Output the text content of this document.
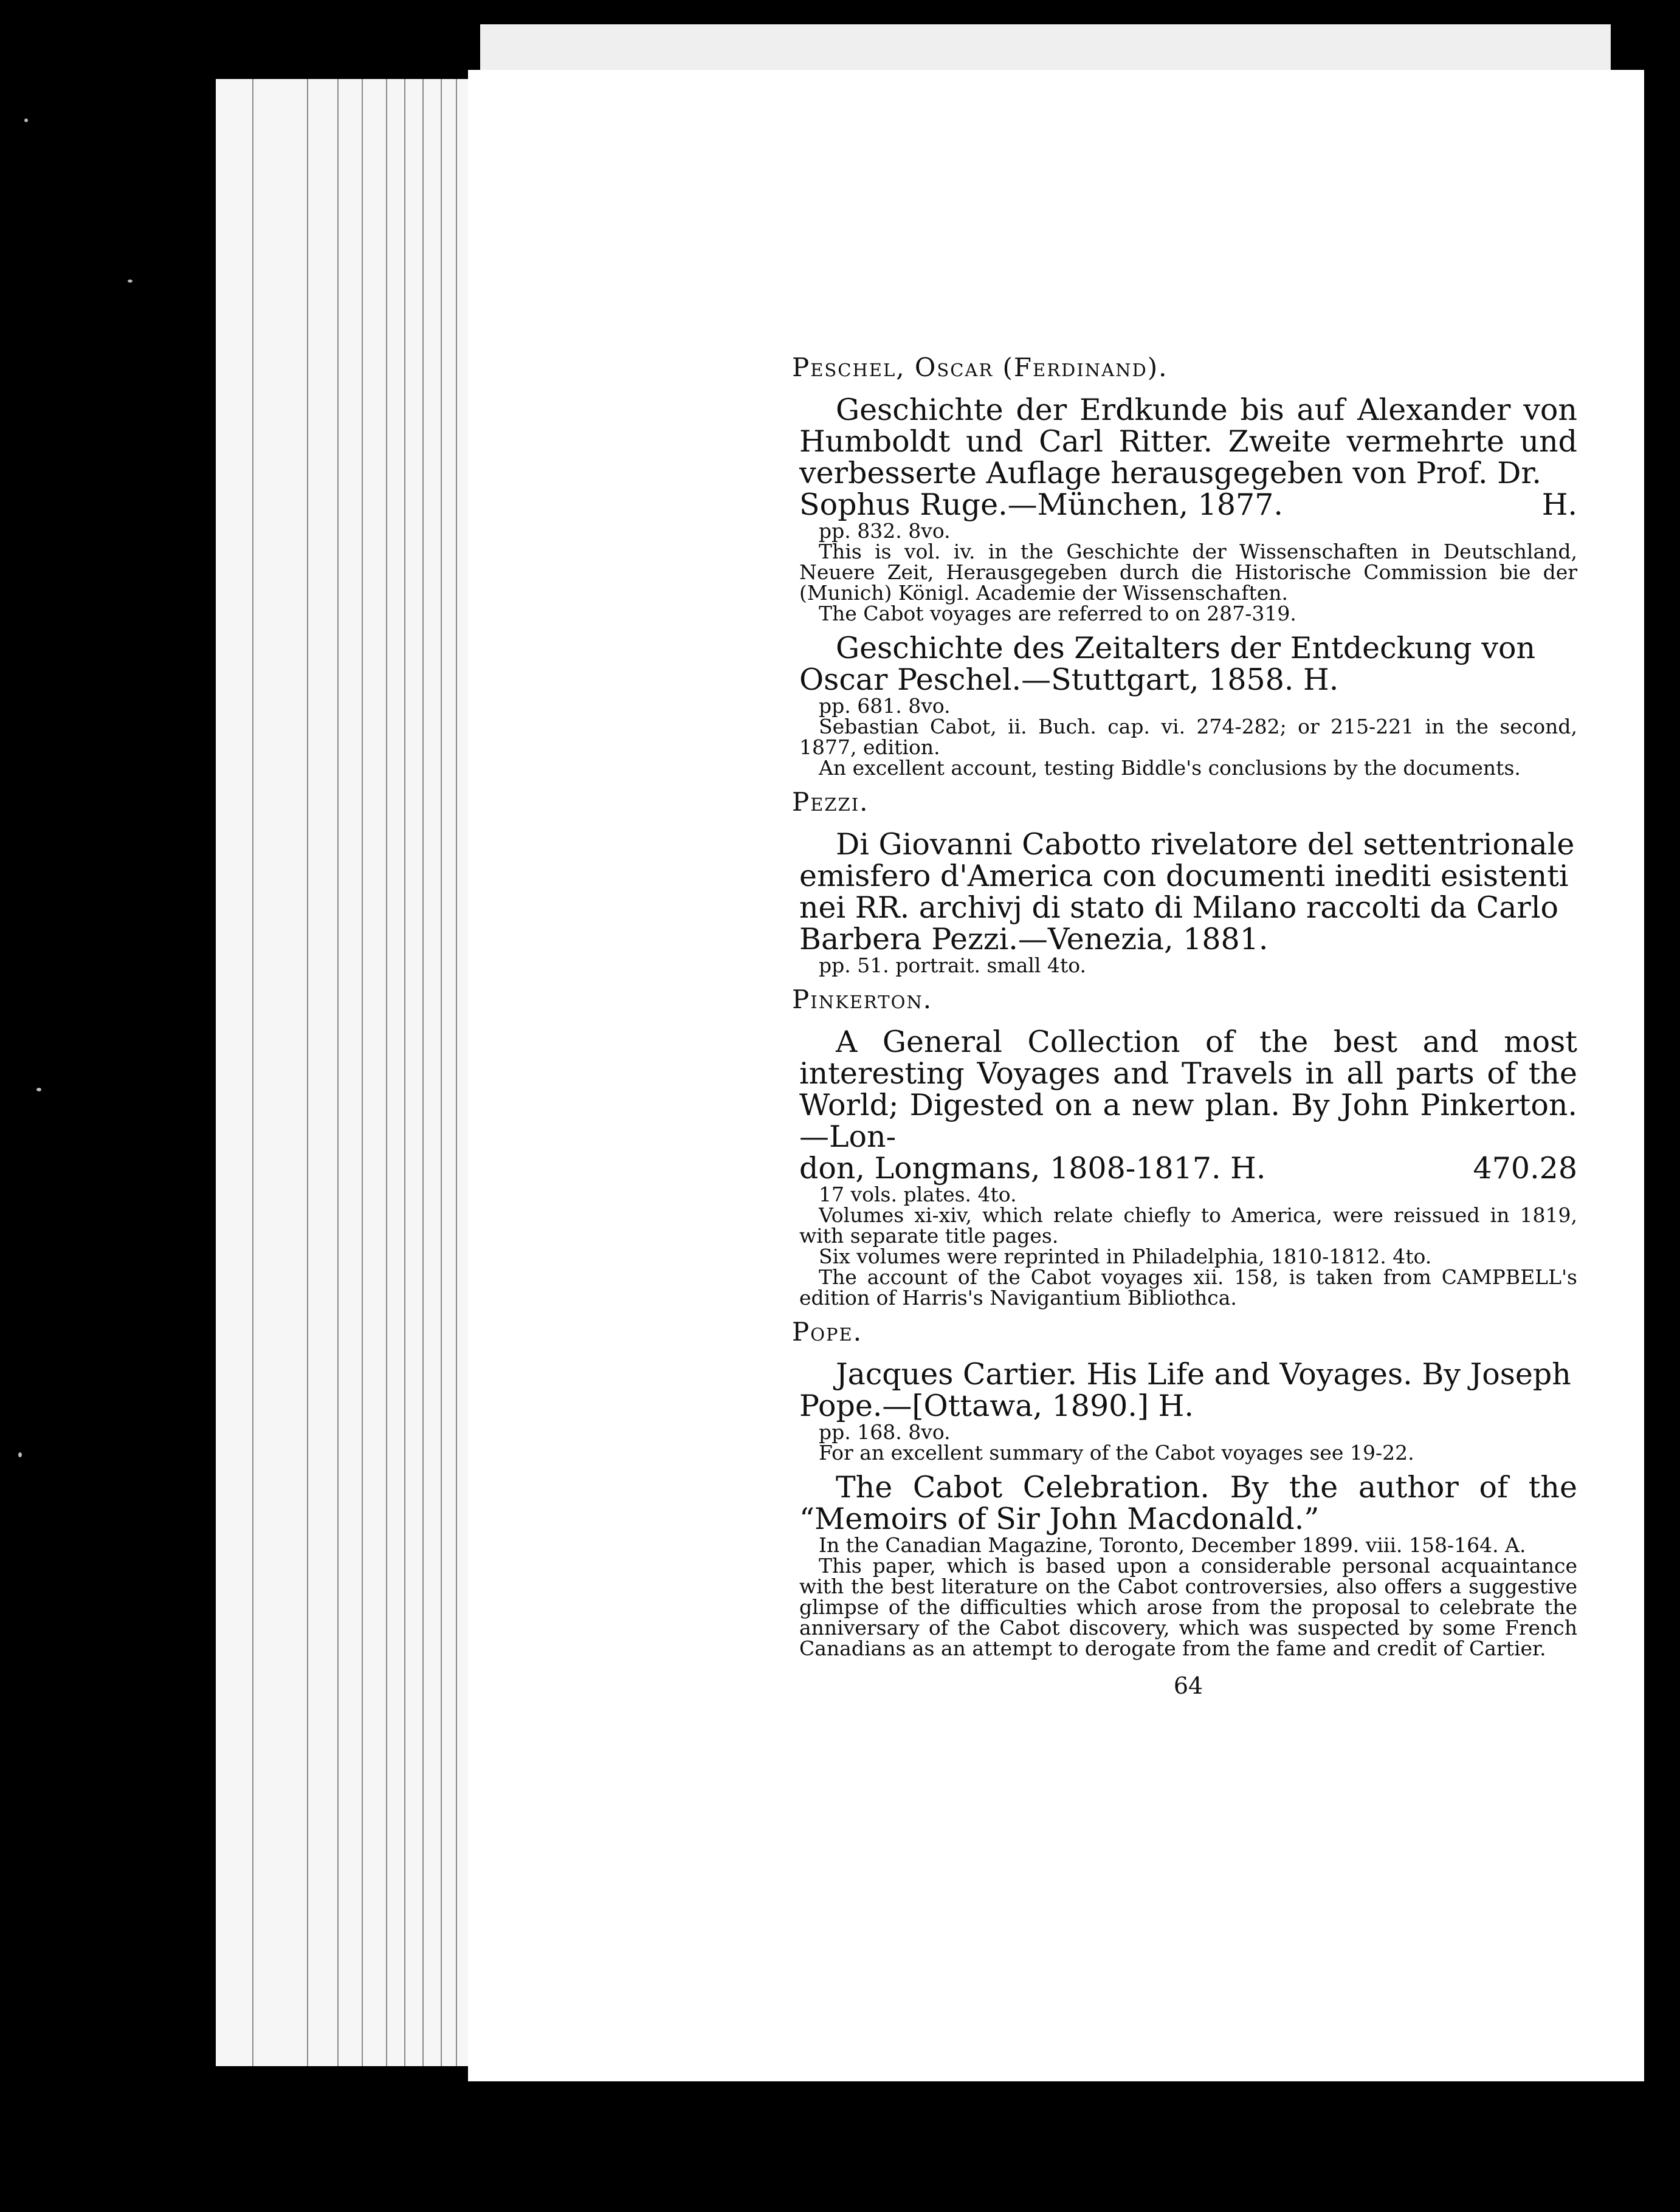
Peschel, Oscar (Ferdinand).

Geschichte der Erdkunde bis auf Alexander von Humboldt und Carl Ritter. Zweite vermehrte und verbesserte Auflage herausgegeben von Prof. Dr.

Sophus Ruge.—München, 1877.	H.

pp. 832. 8vo.

This is vol. iv. in the Geschichte der Wissenschaften in Deutschland, Neuere Zeit, Herausgegeben durch die Historische Commission bie der (Munich) Königl. Academie der Wissenschaften.

The Cabot voyages are referred to on 287-319.

Geschichte des Zeitalters der Entdeckung von Oscar Peschel.—Stuttgart, 1858. H.

pp. 681. 8vo.

Sebastian Cabot, ii. Buch. cap. vi. 274-282; or 215-221 in the second, 1877, edition.

An excellent account, testing Biddle's conclusions by the documents.

Pezzi.

Di Giovanni Cabotto rivelatore del settentrionale emisfero d'America con documenti inediti esistenti nei RR. archivj di stato di Milano raccolti da Carlo Barbera Pezzi.—Venezia, 1881.

pp. 51. portrait. small 4to.

Pinkerton.

A General Collection of the best and most interesting Voyages and Travels in all parts of the World; Digested on a new plan. By John Pinkerton.—Lon-

don, Longmans, 1808-1817. H.	470.28

17 vols. plates. 4to.

Volumes xi-xiv, which relate chiefly to America, were reissued in 1819, with separate title pages.

Six volumes were reprinted in Philadelphia, 1810-1812. 4to.

The account of the Cabot voyages xii. 158, is taken from CAMPBELL's edition of Harris's Navigantium Bibliothca.

Pope.

Jacques Cartier. His Life and Voyages. By Joseph Pope.—[Ottawa, 1890.] H.

pp. 168. 8vo.

For an excellent summary of the Cabot voyages see 19-22.

The Cabot Celebration. By the author of the “Memoirs of Sir John Macdonald.”

In the Canadian Magazine, Toronto, December 1899. viii. 158-164. A.

This paper, which is based upon a considerable personal acquaintance with the best literature on the Cabot controversies, also offers a suggestive glimpse of the difficulties which arose from the proposal to celebrate the anniversary of the Cabot discovery, which was suspected by some French Canadians as an attempt to derogate from the fame and credit of Cartier.

64
